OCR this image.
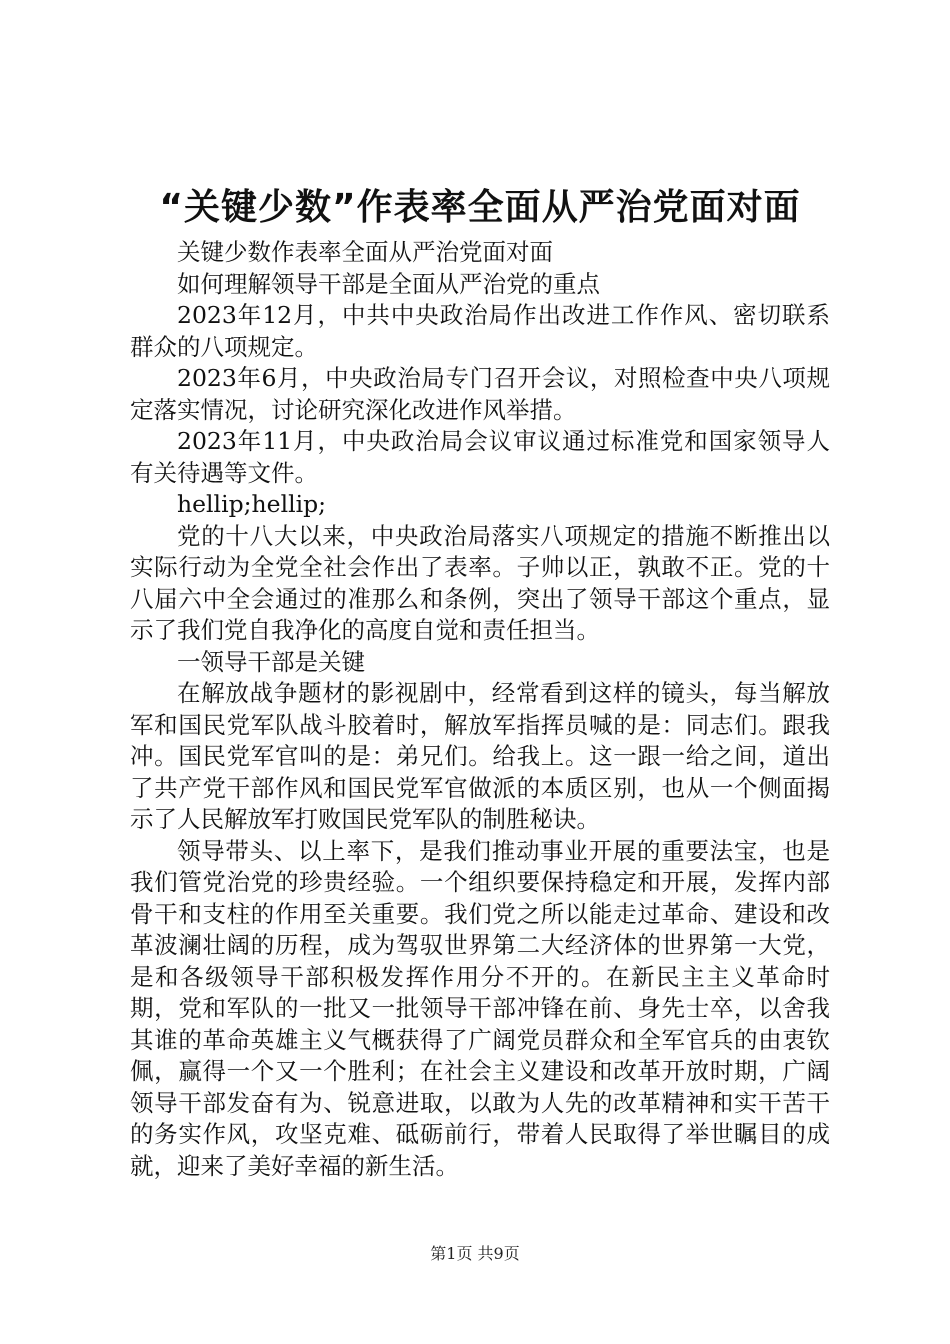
“关键少数”作表率全面从严治党面对面

关键少数作表率全面从严治党面对面

如何理解领导干部是全面从严治党的重点

2023年12月，中共中央政治局作出改进工作作风、密切联系群众的八项规定。

2023年6月，中央政治局专门召开会议，对照检查中央八项规定落实情况，讨论研究深化改进作风举措。

2023年11月，中央政治局会议审议通过标准党和国家领导人有关待遇等文件。

hellip;hellip;

党的十八大以来，中央政治局落实八项规定的措施不断推出以实际行动为全党全社会作出了表率。子帅以正，孰敢不正。党的十八届六中全会通过的准那么和条例，突出了领导干部这个重点，显示了我们党自我净化的高度自觉和责任担当。

一领导干部是关键

在解放战争题材的影视剧中，经常看到这样的镜头，每当解放军和国民党军队战斗胶着时，解放军指挥员喊的是：同志们。跟我冲。国民党军官叫的是：弟兄们。给我上。这一跟一给之间，道出了共产党干部作风和国民党军官做派的本质区别，也从一个侧面揭示了人民解放军打败国民党军队的制胜秘诀。

领导带头、以上率下，是我们推动事业开展的重要法宝，也是我们管党治党的珍贵经验。一个组织要保持稳定和开展，发挥内部骨干和支柱的作用至关重要。我们党之所以能走过革命、建设和改革波澜壮阔的历程，成为驾驭世界第二大经济体的世界第一大党，是和各级领导干部积极发挥作用分不开的。在新民主主义革命时期，党和军队的一批又一批领导干部冲锋在前、身先士卒，以舍我其谁的革命英雄主义气概获得了广阔党员群众和全军官兵的由衷钦佩，赢得一个又一个胜利；在社会主义建设和改革开放时期，广阔领导干部发奋有为、锐意进取，以敢为人先的改革精神和实干苦干的务实作风，攻坚克难、砥砺前行，带着人民取得了举世瞩目的成就，迎来了美好幸福的新生活。

第1页 共9页
